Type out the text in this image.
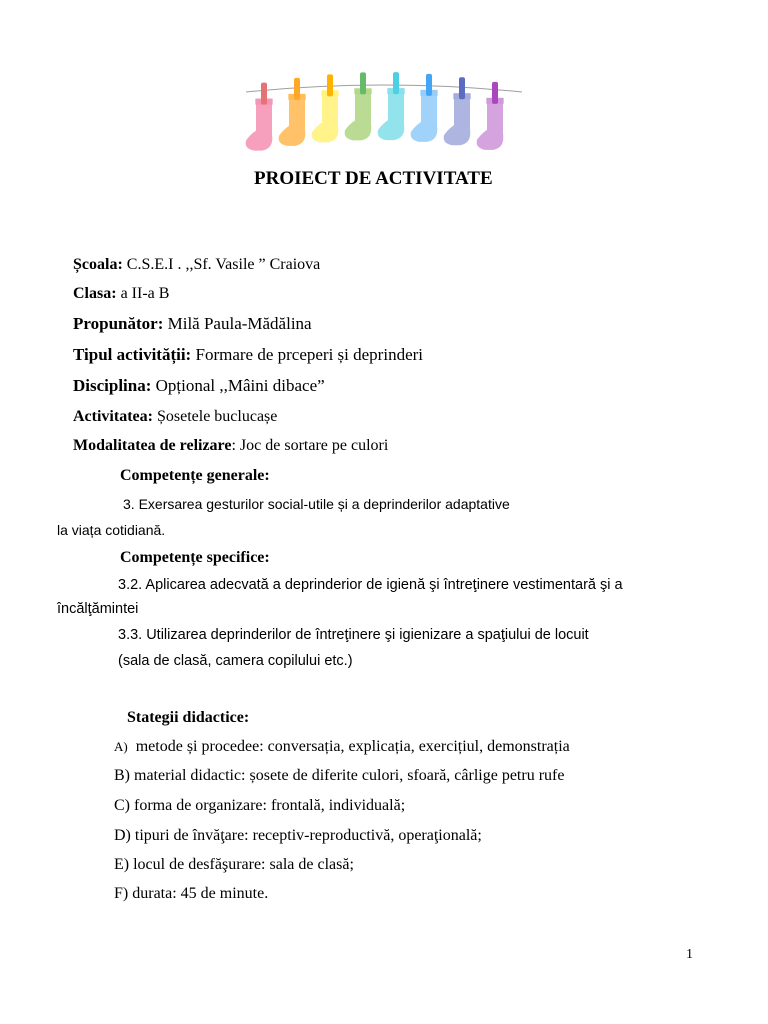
PROIECT DE ACTIVITATE
Școala: C.S.E.I . ,,Sf. Vasile ” Craiova
Clasa: a II-a B
Propunător: Milă Paula-Mădălina
Tipul activității: Formare de prceperi și deprinderi
Disciplina: Opțional ,,Mâini dibace”
Activitatea: Șosetele buclucașe
Modalitatea de relizare: Joc de sortare pe culori
Competențe generale:
3. Exersarea gesturilor social-utile și a deprinderilor adaptative
la viața cotidiană.
Competențe specifice:
3.2. Aplicarea adecvată a deprinderior de igienă şi întreţinere vestimentară şi a
încălţămintei
3.3. Utilizarea deprinderilor de întreţinere şi igienizare a spaţiului de locuit
(sala de clasă, camera copilului etc.)
Stategii didactice:
A) metode și procedee: conversația, explicația, exercițiul, demonstrația
B) material didactic: șosete de diferite culori, sfoară, cârlige petru rufe
C) forma de organizare: frontală, individuală;
D) tipuri de învăţare: receptiv-reproductivă, operaţională;
E) locul de desfăşurare: sala de clasă;
F) durata: 45 de minute.
1
